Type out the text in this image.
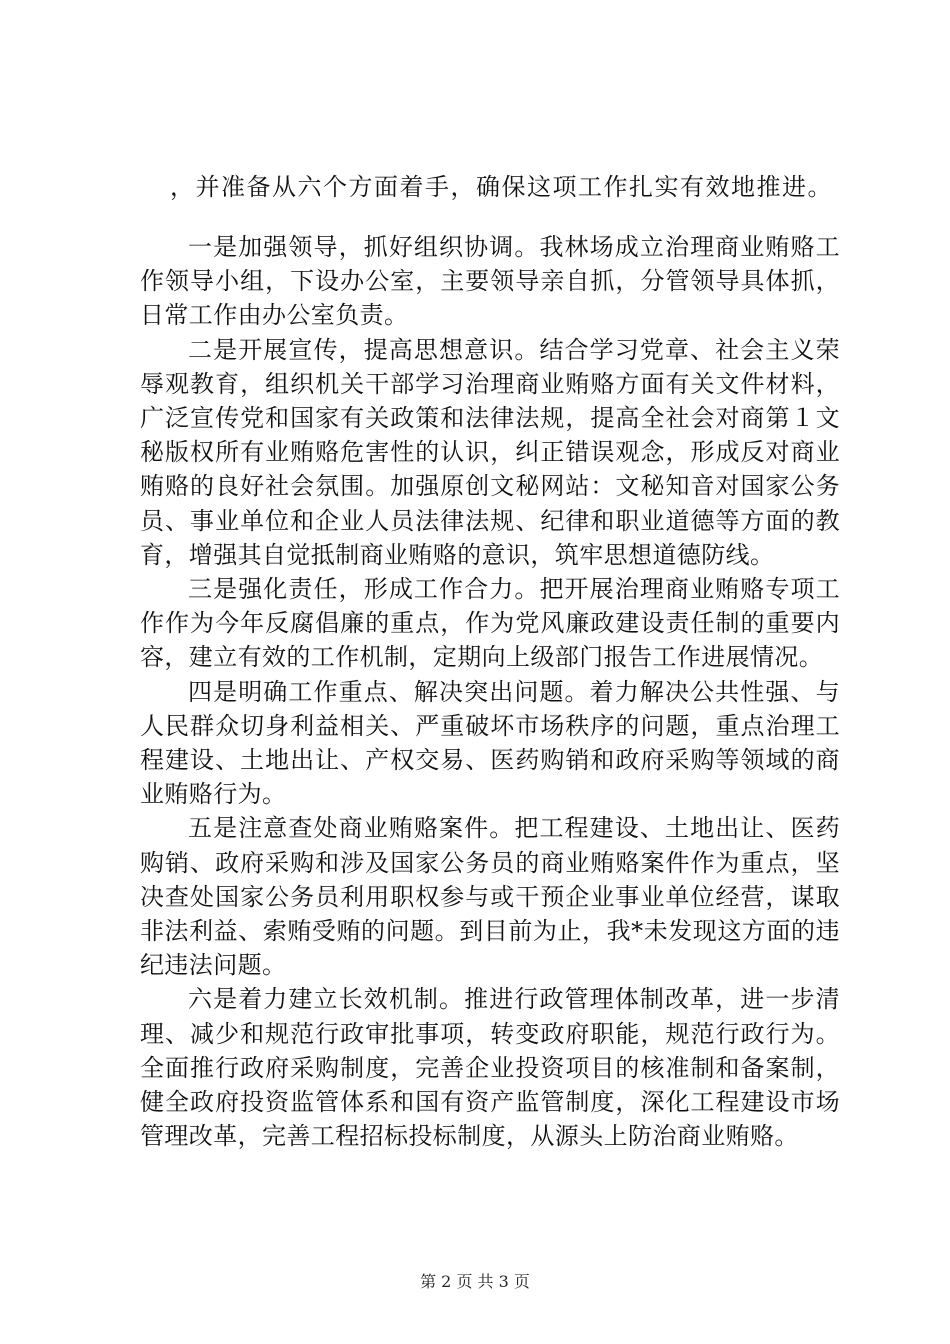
，并准备从六个方面着手，确保这项工作扎实有效地推进。

一是加强领导，抓好组织协调。我林场成立治理商业贿赂工作领导小组，下设办公室，主要领导亲自抓，分管领导具体抓，日常工作由办公室负责。

二是开展宣传，提高思想意识。结合学习党章、社会主义荣辱观教育，组织机关干部学习治理商业贿赂方面有关文件材料，广泛宣传党和国家有关政策和法律法规，提高全社会对商第１文秘版权所有业贿赂危害性的认识，纠正错误观念，形成反对商业贿赂的良好社会氛围。加强原创文秘网站：文秘知音对国家公务员、事业单位和企业人员法律法规、纪律和职业道德等方面的教育，增强其自觉抵制商业贿赂的意识，筑牢思想道德防线。

三是强化责任，形成工作合力。把开展治理商业贿赂专项工作作为今年反腐倡廉的重点，作为党风廉政建设责任制的重要内容，建立有效的工作机制，定期向上级部门报告工作进展情况。

四是明确工作重点、解决突出问题。着力解决公共性强、与人民群众切身利益相关、严重破坏市场秩序的问题，重点治理工程建设、土地出让、产权交易、医药购销和政府采购等领域的商业贿赂行为。

五是注意查处商业贿赂案件。把工程建设、土地出让、医药购销、政府采购和涉及国家公务员的商业贿赂案件作为重点，坚决查处国家公务员利用职权参与或干预企业事业单位经营，谋取非法利益、索贿受贿的问题。到目前为止，我*未发现这方面的违纪违法问题。

六是着力建立长效机制。推进行政管理体制改革，进一步清理、减少和规范行政审批事项，转变政府职能，规范行政行为。全面推行政府采购制度，完善企业投资项目的核准制和备案制，健全政府投资监管体系和国有资产监管制度，深化工程建设市场管理改革，完善工程招标投标制度，从源头上防治商业贿赂。

第 2 页 共 3 页
